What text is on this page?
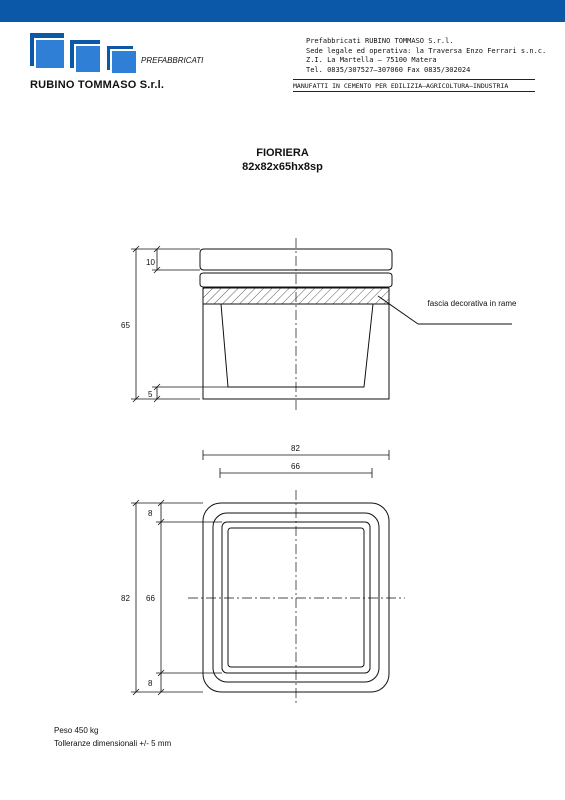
PREFABBRICATI
RUBINO TOMMASO S.r.l.
Prefabbricati RUBINO TOMMASO S.r.l.
Sede legale ed operativa: la Traversa Enzo Ferrari s.n.c.
Z.I. La Martella – 75100 Matera
Tel. 0835/307527–307060 Fax 0835/302024
MANUFATTI IN CEMENTO PER EDILIZIA–AGRICOLTURA–INDUSTRIA
FIORIERA
82x82x65hx8sp
10
65
5
82
66
8
66
8
82
fascia decorativa in rame
Peso 450 kg
Tolleranze dimensionali +/- 5 mm
